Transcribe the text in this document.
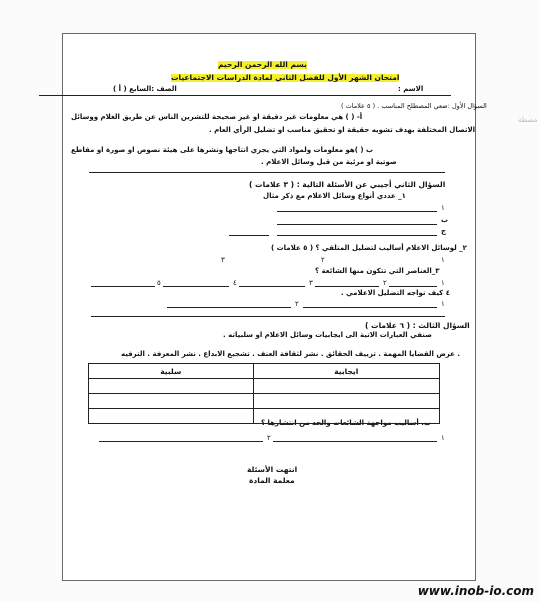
بسم الله الرحمن الرحيم
امتحان الشهر الأول للفصل الثاني لمادة الدراسات الاجتماعيات
الاسم :
الصف :السابع ( أ )
السؤال الأول :ضعي المصطلح المناسب . ( ٥ علامات )
أ- ( ) هي معلومات غير دقيقة او غير صحيحة للتشرين الناس عن طريق الغلام ووسائل
الاتصال المختلفة بهدف تشويه حقيقة او تحقيق مناسب او تضليل الرأي العام .
ب ( )هو معلومات ولمواد التي يجري انتاجها ونشرها على هيئة نصوص او صورة او مقاطع
صوتية او مرئية من قبل وسائل الاعلام .
السؤال الثاني أجيبي عن الأسئلة التالية : ( ٣ علامات )
١_ عددي أنواع وسائل الاعلام مع ذكر مثال
١
ب
ج
٢_ لوسائل الاعلام أساليب لتضليل المتلقي ؟ ( ٥ علامات )
١
٢
٣
٣_العناصر التي تتكون منها الشائعة ؟
١
٢
٣
٤
٥
٤ كيف نواجه التضليل الاعلامي .
١
٢
السؤال الثالث : ( ٦ علامات )
صنفي العبارات الاتية الى ايجابيات وسائل الاعلام او سلبياته .
. عرض القضايا المهمة . تزييف الحقائق . نشر لثقافة العنف . تشجيع الابداع . نشر المعرفة . الترفيه
ب. أساليب مواجهة الشائعات والحد من انتشارها ؟
١
٢
انتهت الأسئلة
معلمة المادة
سلبية	ايجابية

مصطة
www.inob-io.com
